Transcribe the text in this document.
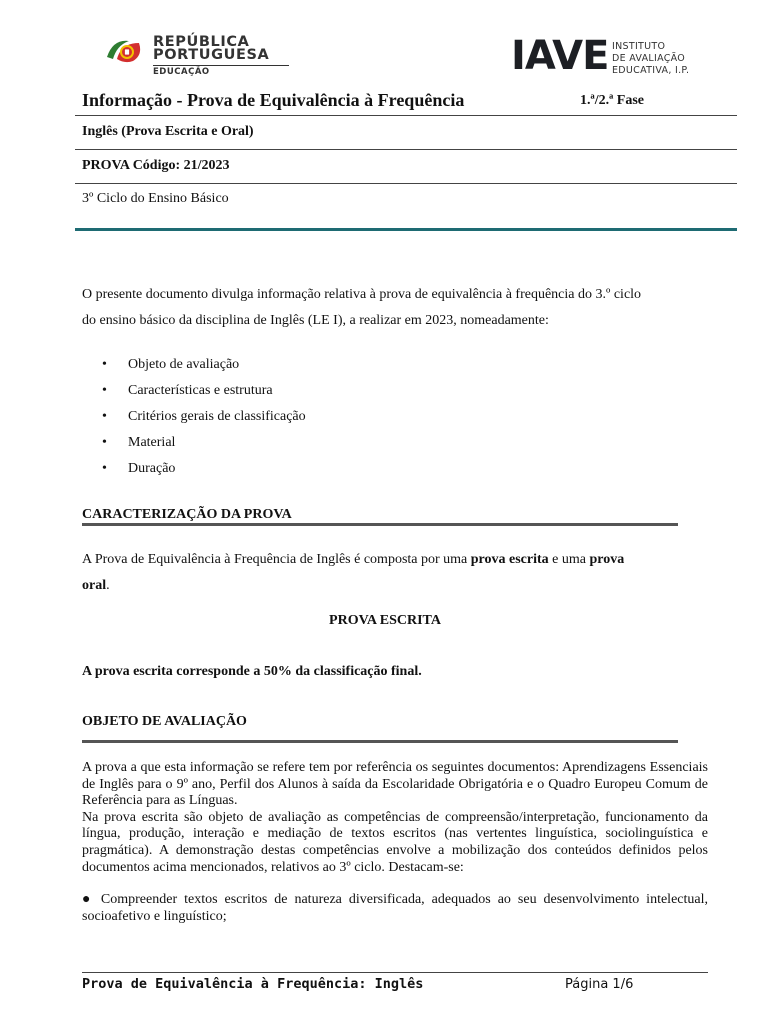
REPÚBLICA
PORTUGUESA
EDUCAÇÃO	IAVE INSTITUTO
DE AVALIAÇÃO
EDUCATIVA, I.P.
Informação - Prova de Equivalência à Frequência	1.ª/2.ª Fase
Inglês (Prova Escrita e Oral)
PROVA Código: 21/2023
3º Ciclo do Ensino Básico
O presente documento divulga informação relativa à prova de equivalência à frequência do 3.º ciclo
do ensino básico da disciplina de Inglês (LE I), a realizar em 2023, nomeadamente:
• Objeto de avaliação
• Características e estrutura
• Critérios gerais de classificação
• Material
• Duração
CARACTERIZAÇÃO DA PROVA
A Prova de Equivalência à Frequência de Inglês é composta por uma prova escrita e uma prova
oral.
PROVA ESCRITA
A prova escrita corresponde a 50% da classificação final.
OBJETO DE AVALIAÇÃO

A prova a que esta informação se refere tem por referência os seguintes documentos: Aprendizagens Essenciais de Inglês para o 9º ano, Perfil dos Alunos à saída da Escolaridade Obrigatória e o Quadro Europeu Comum de Referência para as Línguas.

Na prova escrita são objeto de avaliação as competências de compreensão/interpretação, funcionamento da língua, produção, interação e mediação de textos escritos (nas vertentes linguística, sociolinguística e pragmática). A demonstração destas competências envolve a mobilização dos conteúdos definidos pelos documentos acima mencionados, relativos ao 3º ciclo. Destacam-se:

● Compreender textos escritos de natureza diversificada, adequados ao seu desenvolvimento intelectual, socioafetivo e linguístico;

Prova de Equivalência à Frequência: Inglês	Página 1/6
